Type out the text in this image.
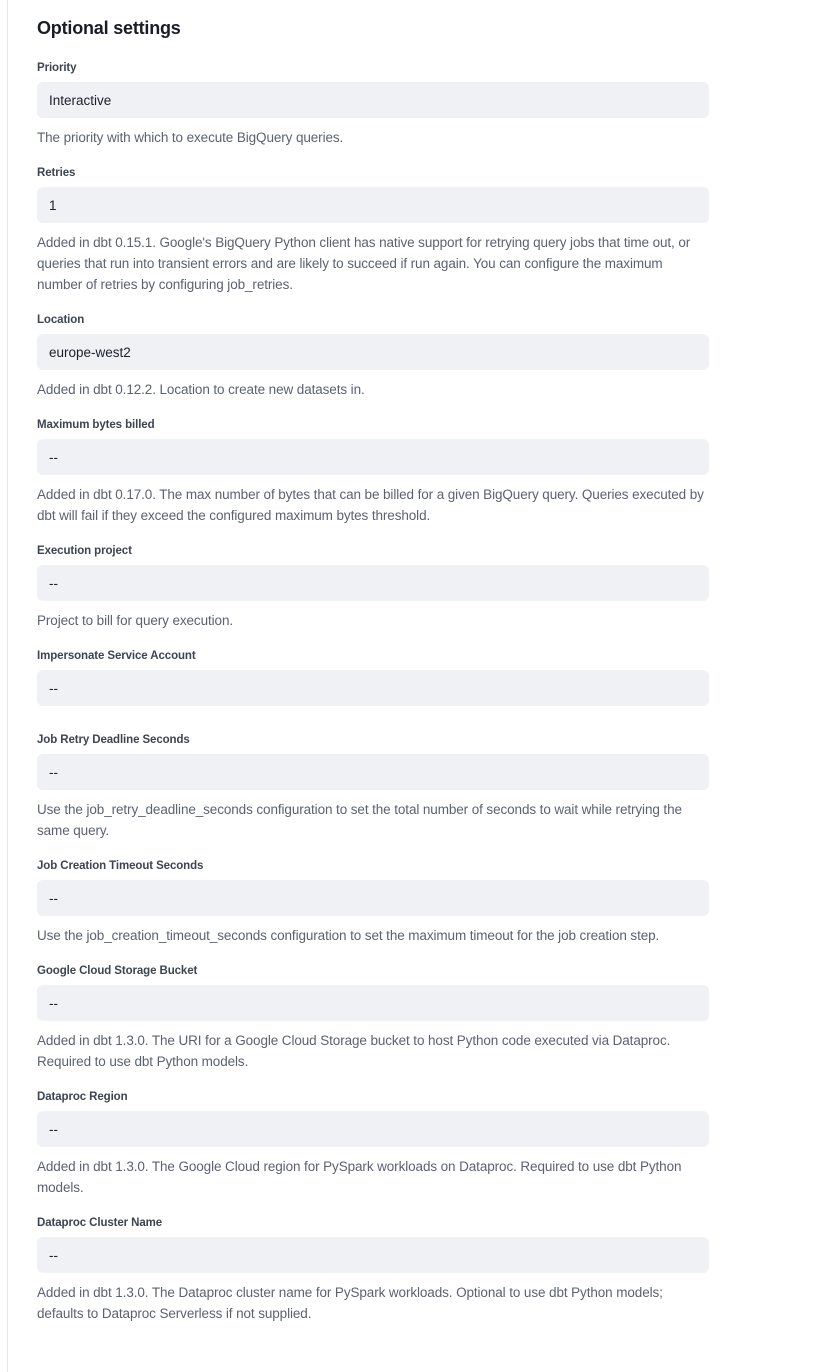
Optional settings
Priority
Interactive

The priority with which to execute BigQuery queries.

Retries
1

Added in dbt 0.15.1. Google's BigQuery Python client has native support for retrying query jobs that time out, or queries that run into transient errors and are likely to succeed if run again. You can configure the maximum number of retries by configuring job_retries.

Location
europe-west2

Added in dbt 0.12.2. Location to create new datasets in.

Maximum bytes billed
--

Added in dbt 0.17.0. The max number of bytes that can be billed for a given BigQuery query. Queries executed by dbt will fail if they exceed the configured maximum bytes threshold.

Execution project
--

Project to bill for query execution.

Impersonate Service Account
--
Job Retry Deadline Seconds
--

Use the job_retry_deadline_seconds configuration to set the total number of seconds to wait while retrying the same query.

Job Creation Timeout Seconds
--

Use the job_creation_timeout_seconds configuration to set the maximum timeout for the job creation step.

Google Cloud Storage Bucket
--

Added in dbt 1.3.0. The URI for a Google Cloud Storage bucket to host Python code executed via Dataproc. Required to use dbt Python models.

Dataproc Region
--

Added in dbt 1.3.0. The Google Cloud region for PySpark workloads on Dataproc. Required to use dbt Python models.

Dataproc Cluster Name
--

Added in dbt 1.3.0. The Dataproc cluster name for PySpark workloads. Optional to use dbt Python models; defaults to Dataproc Serverless if not supplied.
